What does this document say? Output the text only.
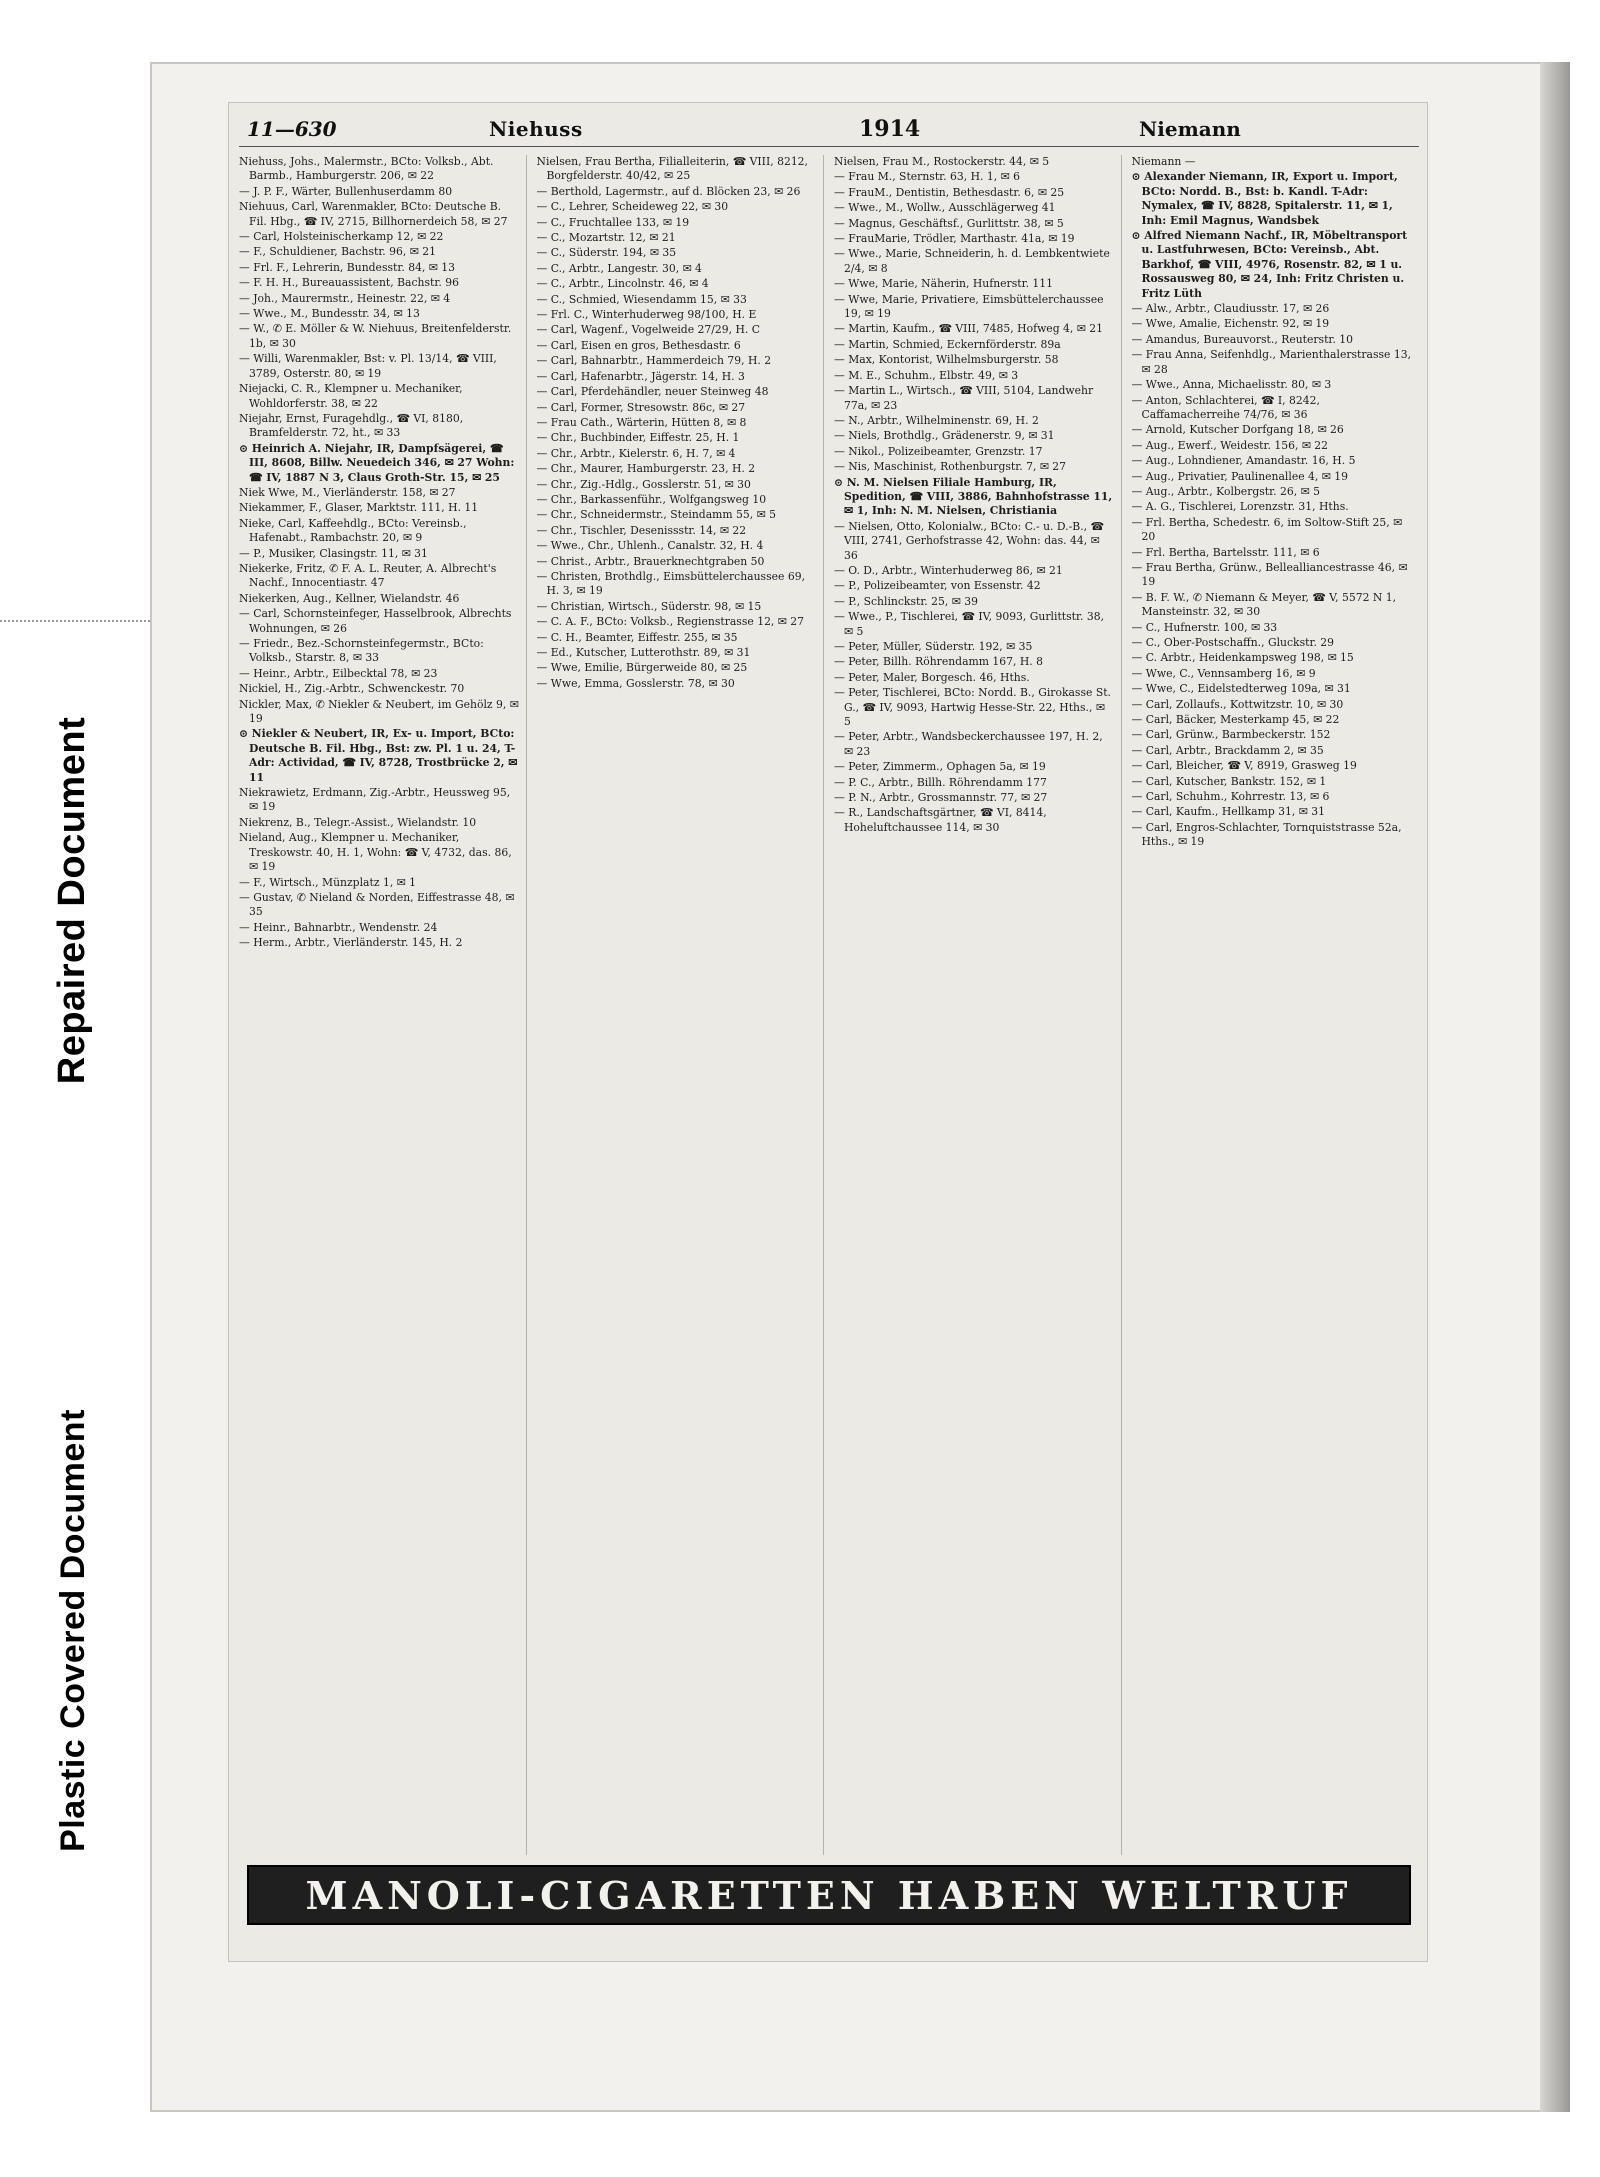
Repaired Document
Plastic Covered Document
11—630	Niehuss	1914	Niemann
Niehuss, Johs., Malermstr., BCto: Volksb., Abt. Barmb., Hamburgerstr. 206, ✉ 22
— J. P. F., Wärter, Bullenhuserdamm 80
Niehuus, Carl, Warenmakler, BCto: Deutsche B. Fil. Hbg., ☎ IV, 2715, Billhornerdeich 58, ✉ 27
— Carl, Holsteinischerkamp 12, ✉ 22
— F., Schuldiener, Bachstr. 96, ✉ 21
— Frl. F., Lehrerin, Bundesstr. 84, ✉ 13
— F. H. H., Bureauassistent, Bachstr. 96
— Joh., Maurermstr., Heinestr. 22, ✉ 4
— Wwe., M., Bundesstr. 34, ✉ 13
— W., ✆ E. Möller & W. Niehuus, Breitenfelderstr. 1b, ✉ 30
— Willi, Warenmakler, Bst: v. Pl. 13/14, ☎ VIII, 3789, Osterstr. 80, ✉ 19
Niejacki, C. R., Klempner u. Mechaniker, Wohldorferstr. 38, ✉ 22
Niejahr, Ernst, Furagehdlg., ☎ VI, 8180, Bramfelderstr. 72, ht., ✉ 33
⊙ Heinrich A. Niejahr, IR, Dampfsägerei, ☎ III, 8608, Billw. Neuedeich 346, ✉ 27 Wohn: ☎ IV, 1887 N 3, Claus Groth-Str. 15, ✉ 25
Niek Wwe, M., Vierländerstr. 158, ✉ 27
Niekammer, F., Glaser, Marktstr. 111, H. 11
Nieke, Carl, Kaffeehdlg., BCto: Vereinsb., Hafenabt., Rambachstr. 20, ✉ 9
— P., Musiker, Clasingstr. 11, ✉ 31
Niekerke, Fritz, ✆ F. A. L. Reuter, A. Albrecht's Nachf., Innocentiastr. 47
Niekerken, Aug., Kellner, Wielandstr. 46
— Carl, Schornsteinfeger, Hasselbrook, Albrechts Wohnungen, ✉ 26
— Friedr., Bez.-Schornsteinfegermstr., BCto: Volksb., Starstr. 8, ✉ 33
— Heinr., Arbtr., Eilbecktal 78, ✉ 23
Nickiel, H., Zig.-Arbtr., Schwenckestr. 70
Nickler, Max, ✆ Niekler & Neubert, im Gehölz 9, ✉ 19
⊙ Niekler & Neubert, IR, Ex- u. Import, BCto: Deutsche B. Fil. Hbg., Bst: zw. Pl. 1 u. 24, T-Adr: Actividad, ☎ IV, 8728, Trostbrücke 2, ✉ 11
Niekrawietz, Erdmann, Zig.-Arbtr., Heussweg 95, ✉ 19
Niekrenz, B., Telegr.-Assist., Wielandstr. 10
Nieland, Aug., Klempner u. Mechaniker, Treskowstr. 40, H. 1, Wohn: ☎ V, 4732, das. 86, ✉ 19
— F., Wirtsch., Münzplatz 1, ✉ 1
— Gustav, ✆ Nieland & Norden, Eiffestrasse 48, ✉ 35
— Heinr., Bahnarbtr., Wendenstr. 24
— Herm., Arbtr., Vierländerstr. 145, H. 2
Nielsen, Frau Bertha, Filialleiterin, ☎ VIII, 8212, Borgfelderstr. 40/42, ✉ 25
— Berthold, Lagermstr., auf d. Blöcken 23, ✉ 26
— C., Lehrer, Scheideweg 22, ✉ 30
— C., Fruchtallee 133, ✉ 19
— C., Mozartstr. 12, ✉ 21
— C., Süderstr. 194, ✉ 35
— C., Arbtr., Langestr. 30, ✉ 4
— C., Arbtr., Lincolnstr. 46, ✉ 4
— C., Schmied, Wiesendamm 15, ✉ 33
— Frl. C., Winterhuderweg 98/100, H. E
— Carl, Wagenf., Vogelweide 27/29, H. C
— Carl, Eisen en gros, Bethesdastr. 6
— Carl, Bahnarbtr., Hammerdeich 79, H. 2
— Carl, Hafenarbtr., Jägerstr. 14, H. 3
— Carl, Pferdehändler, neuer Steinweg 48
— Carl, Former, Stresowstr. 86c, ✉ 27
— Frau Cath., Wärterin, Hütten 8, ✉ 8
— Chr., Buchbinder, Eiffestr. 25, H. 1
— Chr., Arbtr., Kielerstr. 6, H. 7, ✉ 4
— Chr., Maurer, Hamburgerstr. 23, H. 2
— Chr., Zig.-Hdlg., Gosslerstr. 51, ✉ 30
— Chr., Barkassenführ., Wolfgangsweg 10
— Chr., Schneidermstr., Steindamm 55, ✉ 5
— Chr., Tischler, Desenissstr. 14, ✉ 22
— Wwe., Chr., Uhlenh., Canalstr. 32, H. 4
— Christ., Arbtr., Brauerknechtgraben 50
— Christen, Brothdlg., Eimsbüttelerchaussee 69, H. 3, ✉ 19
— Christian, Wirtsch., Süderstr. 98, ✉ 15
— C. A. F., BCto: Volksb., Regienstrasse 12, ✉ 27
— C. H., Beamter, Eiffestr. 255, ✉ 35
— Ed., Kutscher, Lutterothstr. 89, ✉ 31
— Wwe, Emilie, Bürgerweide 80, ✉ 25
— Wwe, Emma, Gosslerstr. 78, ✉ 30
Nielsen, Frau M., Rostockerstr. 44, ✉ 5
— Frau M., Sternstr. 63, H. 1, ✉ 6
— FrauM., Dentistin, Bethesdastr. 6, ✉ 25
— Wwe., M., Wollw., Ausschlägerweg 41
— Magnus, Geschäftsf., Gurlittstr. 38, ✉ 5
— FrauMarie, Trödler, Marthastr. 41a, ✉ 19
— Wwe., Marie, Schneiderin, h. d. Lembkentwiete 2/4, ✉ 8
— Wwe, Marie, Näherin, Hufnerstr. 111
— Wwe, Marie, Privatiere, Eimsbüttelerchaussee 19, ✉ 19
— Martin, Kaufm., ☎ VIII, 7485, Hofweg 4, ✉ 21
— Martin, Schmied, Eckernförderstr. 89a
— Max, Kontorist, Wilhelmsburgerstr. 58
— M. E., Schuhm., Elbstr. 49, ✉ 3
— Martin L., Wirtsch., ☎ VIII, 5104, Landwehr 77a, ✉ 23
— N., Arbtr., Wilhelminenstr. 69, H. 2
— Niels, Brothdlg., Grädenerstr. 9, ✉ 31
— Nikol., Polizeibeamter, Grenzstr. 17
— Nis, Maschinist, Rothenburgstr. 7, ✉ 27
⊙ N. M. Nielsen Filiale Hamburg, IR, Spedition, ☎ VIII, 3886, Bahnhofstrasse 11, ✉ 1, Inh: N. M. Nielsen, Christiania
— Nielsen, Otto, Kolonialw., BCto: C.- u. D.-B., ☎ VIII, 2741, Gerhofstrasse 42, Wohn: das. 44, ✉ 36
— O. D., Arbtr., Winterhuderweg 86, ✉ 21
— P., Polizeibeamter, von Essenstr. 42
— P., Schlinckstr. 25, ✉ 39
— Wwe., P., Tischlerei, ☎ IV, 9093, Gurlittstr. 38, ✉ 5
— Peter, Müller, Süderstr. 192, ✉ 35
— Peter, Billh. Röhrendamm 167, H. 8
— Peter, Maler, Borgesch. 46, Hths.
— Peter, Tischlerei, BCto: Nordd. B., Girokasse St. G., ☎ IV, 9093, Hartwig Hesse-Str. 22, Hths., ✉ 5
— Peter, Arbtr., Wandsbeckerchaussee 197, H. 2, ✉ 23
— Peter, Zimmerm., Ophagen 5a, ✉ 19
— P. C., Arbtr., Billh. Röhrendamm 177
— P. N., Arbtr., Grossmannstr. 77, ✉ 27
— R., Landschaftsgärtner, ☎ VI, 8414, Hoheluftchaussee 114, ✉ 30
Niemann —
⊙ Alexander Niemann, IR, Export u. Import, BCto: Nordd. B., Bst: b. Kandl. T-Adr: Nymalex, ☎ IV, 8828, Spitalerstr. 11, ✉ 1, Inh: Emil Magnus, Wandsbek
⊙ Alfred Niemann Nachf., IR, Möbeltransport u. Lastfuhrwesen, BCto: Vereinsb., Abt. Barkhof, ☎ VIII, 4976, Rosenstr. 82, ✉ 1 u. Rossausweg 80, ✉ 24, Inh: Fritz Christen u. Fritz Lüth
— Alw., Arbtr., Claudiusstr. 17, ✉ 26
— Wwe, Amalie, Eichenstr. 92, ✉ 19
— Amandus, Bureauvorst., Reuterstr. 10
— Frau Anna, Seifenhdlg., Marienthalerstrasse 13, ✉ 28
— Wwe., Anna, Michaelisstr. 80, ✉ 3
— Anton, Schlachterei, ☎ I, 8242, Caffamacherreihe 74/76, ✉ 36
— Arnold, Kutscher Dorfgang 18, ✉ 26
— Aug., Ewerf., Weidestr. 156, ✉ 22
— Aug., Lohndiener, Amandastr. 16, H. 5
— Aug., Privatier, Paulinenallee 4, ✉ 19
— Aug., Arbtr., Kolbergstr. 26, ✉ 5
— A. G., Tischlerei, Lorenzstr. 31, Hths.
— Frl. Bertha, Schedestr. 6, im Soltow-Stift 25, ✉ 20
— Frl. Bertha, Bartelsstr. 111, ✉ 6
— Frau Bertha, Grünw., Bellealliancestrasse 46, ✉ 19
— B. F. W., ✆ Niemann & Meyer, ☎ V, 5572 N 1, Mansteinstr. 32, ✉ 30
— C., Hufnerstr. 100, ✉ 33
— C., Ober-Postschaffn., Gluckstr. 29
— C. Arbtr., Heidenkampsweg 198, ✉ 15
— Wwe, C., Vennsamberg 16, ✉ 9
— Wwe, C., Eidelstedterweg 109a, ✉ 31
— Carl, Zollaufs., Kottwitzstr. 10, ✉ 30
— Carl, Bäcker, Mesterkamp 45, ✉ 22
— Carl, Grünw., Barmbeckerstr. 152
— Carl, Arbtr., Brackdamm 2, ✉ 35
— Carl, Bleicher, ☎ V, 8919, Grasweg 19
— Carl, Kutscher, Bankstr. 152, ✉ 1
— Carl, Schuhm., Kohrrestr. 13, ✉ 6
— Carl, Kaufm., Hellkamp 31, ✉ 31
— Carl, Engros-Schlachter, Tornquiststrasse 52a, Hths., ✉ 19
MANOLI-CIGARETTEN HABEN WELTRUF
